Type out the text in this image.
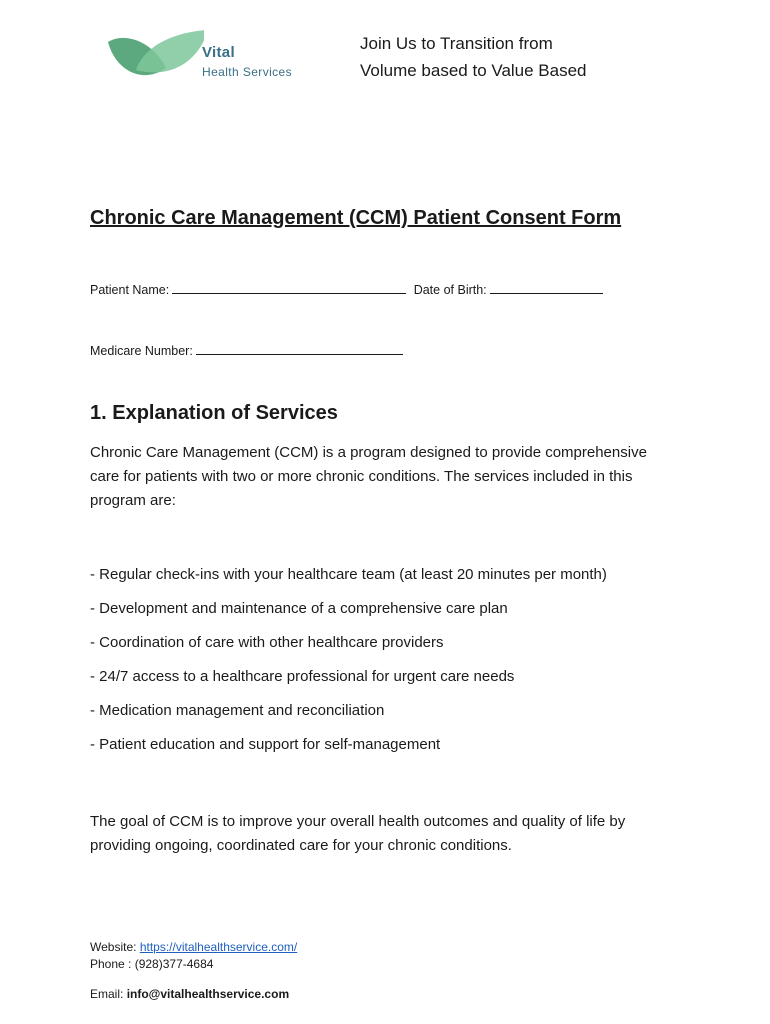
Vital
Health Services
Join Us to Transition from
Volume based to Value Based
Chronic Care Management (CCM) Patient Consent Form
Patient Name:	Date of Birth:
Medicare Number:
1. Explanation of Services
Chronic Care Management (CCM) is a program designed to provide comprehensive care for patients with two or more chronic conditions. The services included in this program are:
- Regular check-ins with your healthcare team (at least 20 minutes per month)
- Development and maintenance of a comprehensive care plan
- Coordination of care with other healthcare providers
- 24/7 access to a healthcare professional for urgent care needs
- Medication management and reconciliation
- Patient education and support for self-management
The goal of CCM is to improve your overall health outcomes and quality of life by providing ongoing, coordinated care for your chronic conditions.
Website: https://vitalhealthservice.com/
Phone : (928)377-4684
Email: info@vitalhealthservice.com
